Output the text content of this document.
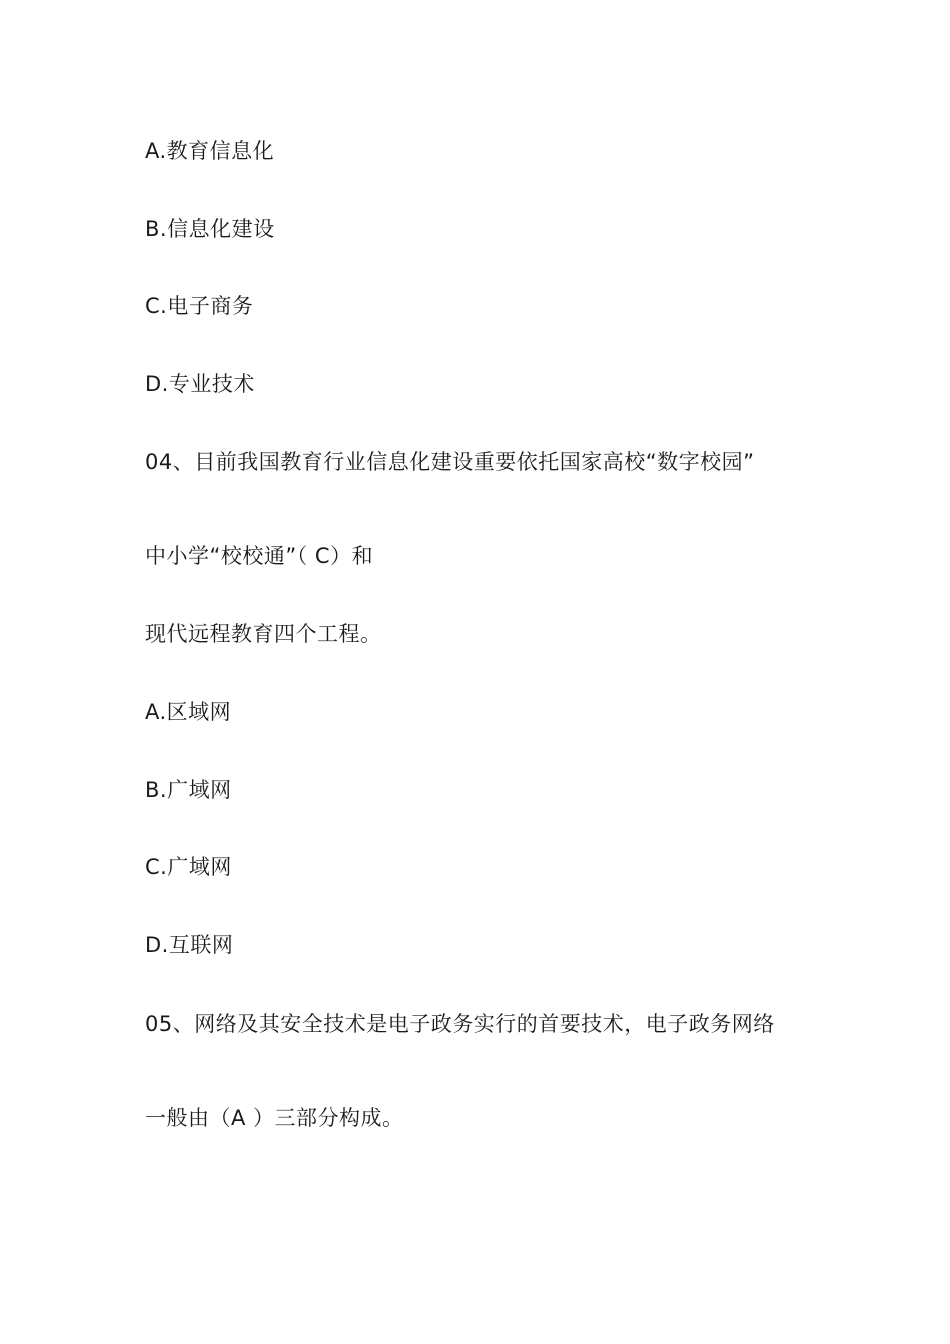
A.教育信息化
B.信息化建设
C.电子商务
D.专业技术
04、目前我国教育行业信息化建设重要依托国家高校“数字校园”
中小学“校校通”（ C）和
现代远程教育四个工程。
A.区域网
B.广域网
C.广域网
D.互联网
05、网络及其安全技术是电子政务实行的首要技术，电子政务网络
一般由（A ）三部分构成。
